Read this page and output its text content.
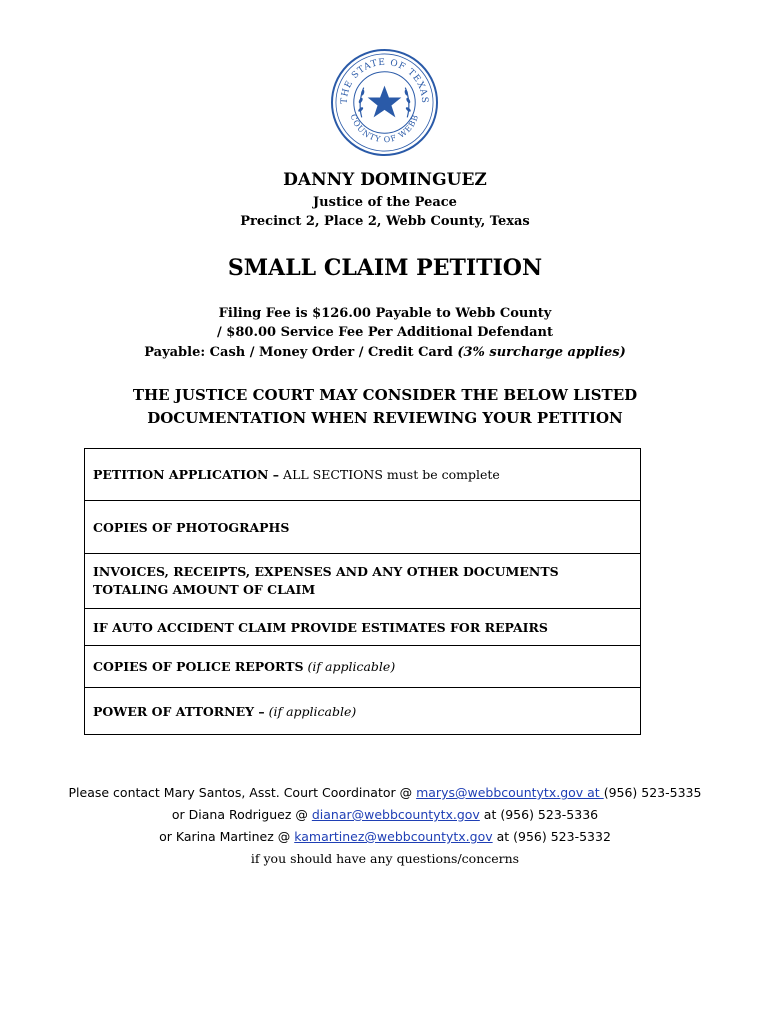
THE STATE OF TEXAS
COUNTY OF WEBB
DANNY DOMINGUEZ
Justice of the Peace
Precinct 2, Place 2, Webb County, Texas
SMALL CLAIM PETITION
Filing Fee is $126.00 Payable to Webb County
/ $80.00 Service Fee Per Additional Defendant
Payable: Cash / Money Order / Credit Card (3% surcharge applies)
THE JUSTICE COURT MAY CONSIDER THE BELOW LISTED
DOCUMENTATION WHEN REVIEWING YOUR PETITION
PETITION APPLICATION – ALL SECTIONS must be complete
COPIES OF PHOTOGRAPHS
INVOICES, RECEIPTS, EXPENSES AND ANY OTHER DOCUMENTS TOTALING AMOUNT OF CLAIM
IF AUTO ACCIDENT CLAIM PROVIDE ESTIMATES FOR REPAIRS
COPIES OF POLICE REPORTS (if applicable)
POWER OF ATTORNEY – (if applicable)
Please contact Mary Santos, Asst. Court Coordinator @ marys@webbcountytx.gov at (956) 523-5335
or Diana Rodriguez @ dianar@webbcountytx.gov at (956) 523-5336
or Karina Martinez @ kamartinez@webbcountytx.gov at (956) 523-5332
if you should have any questions/concerns
